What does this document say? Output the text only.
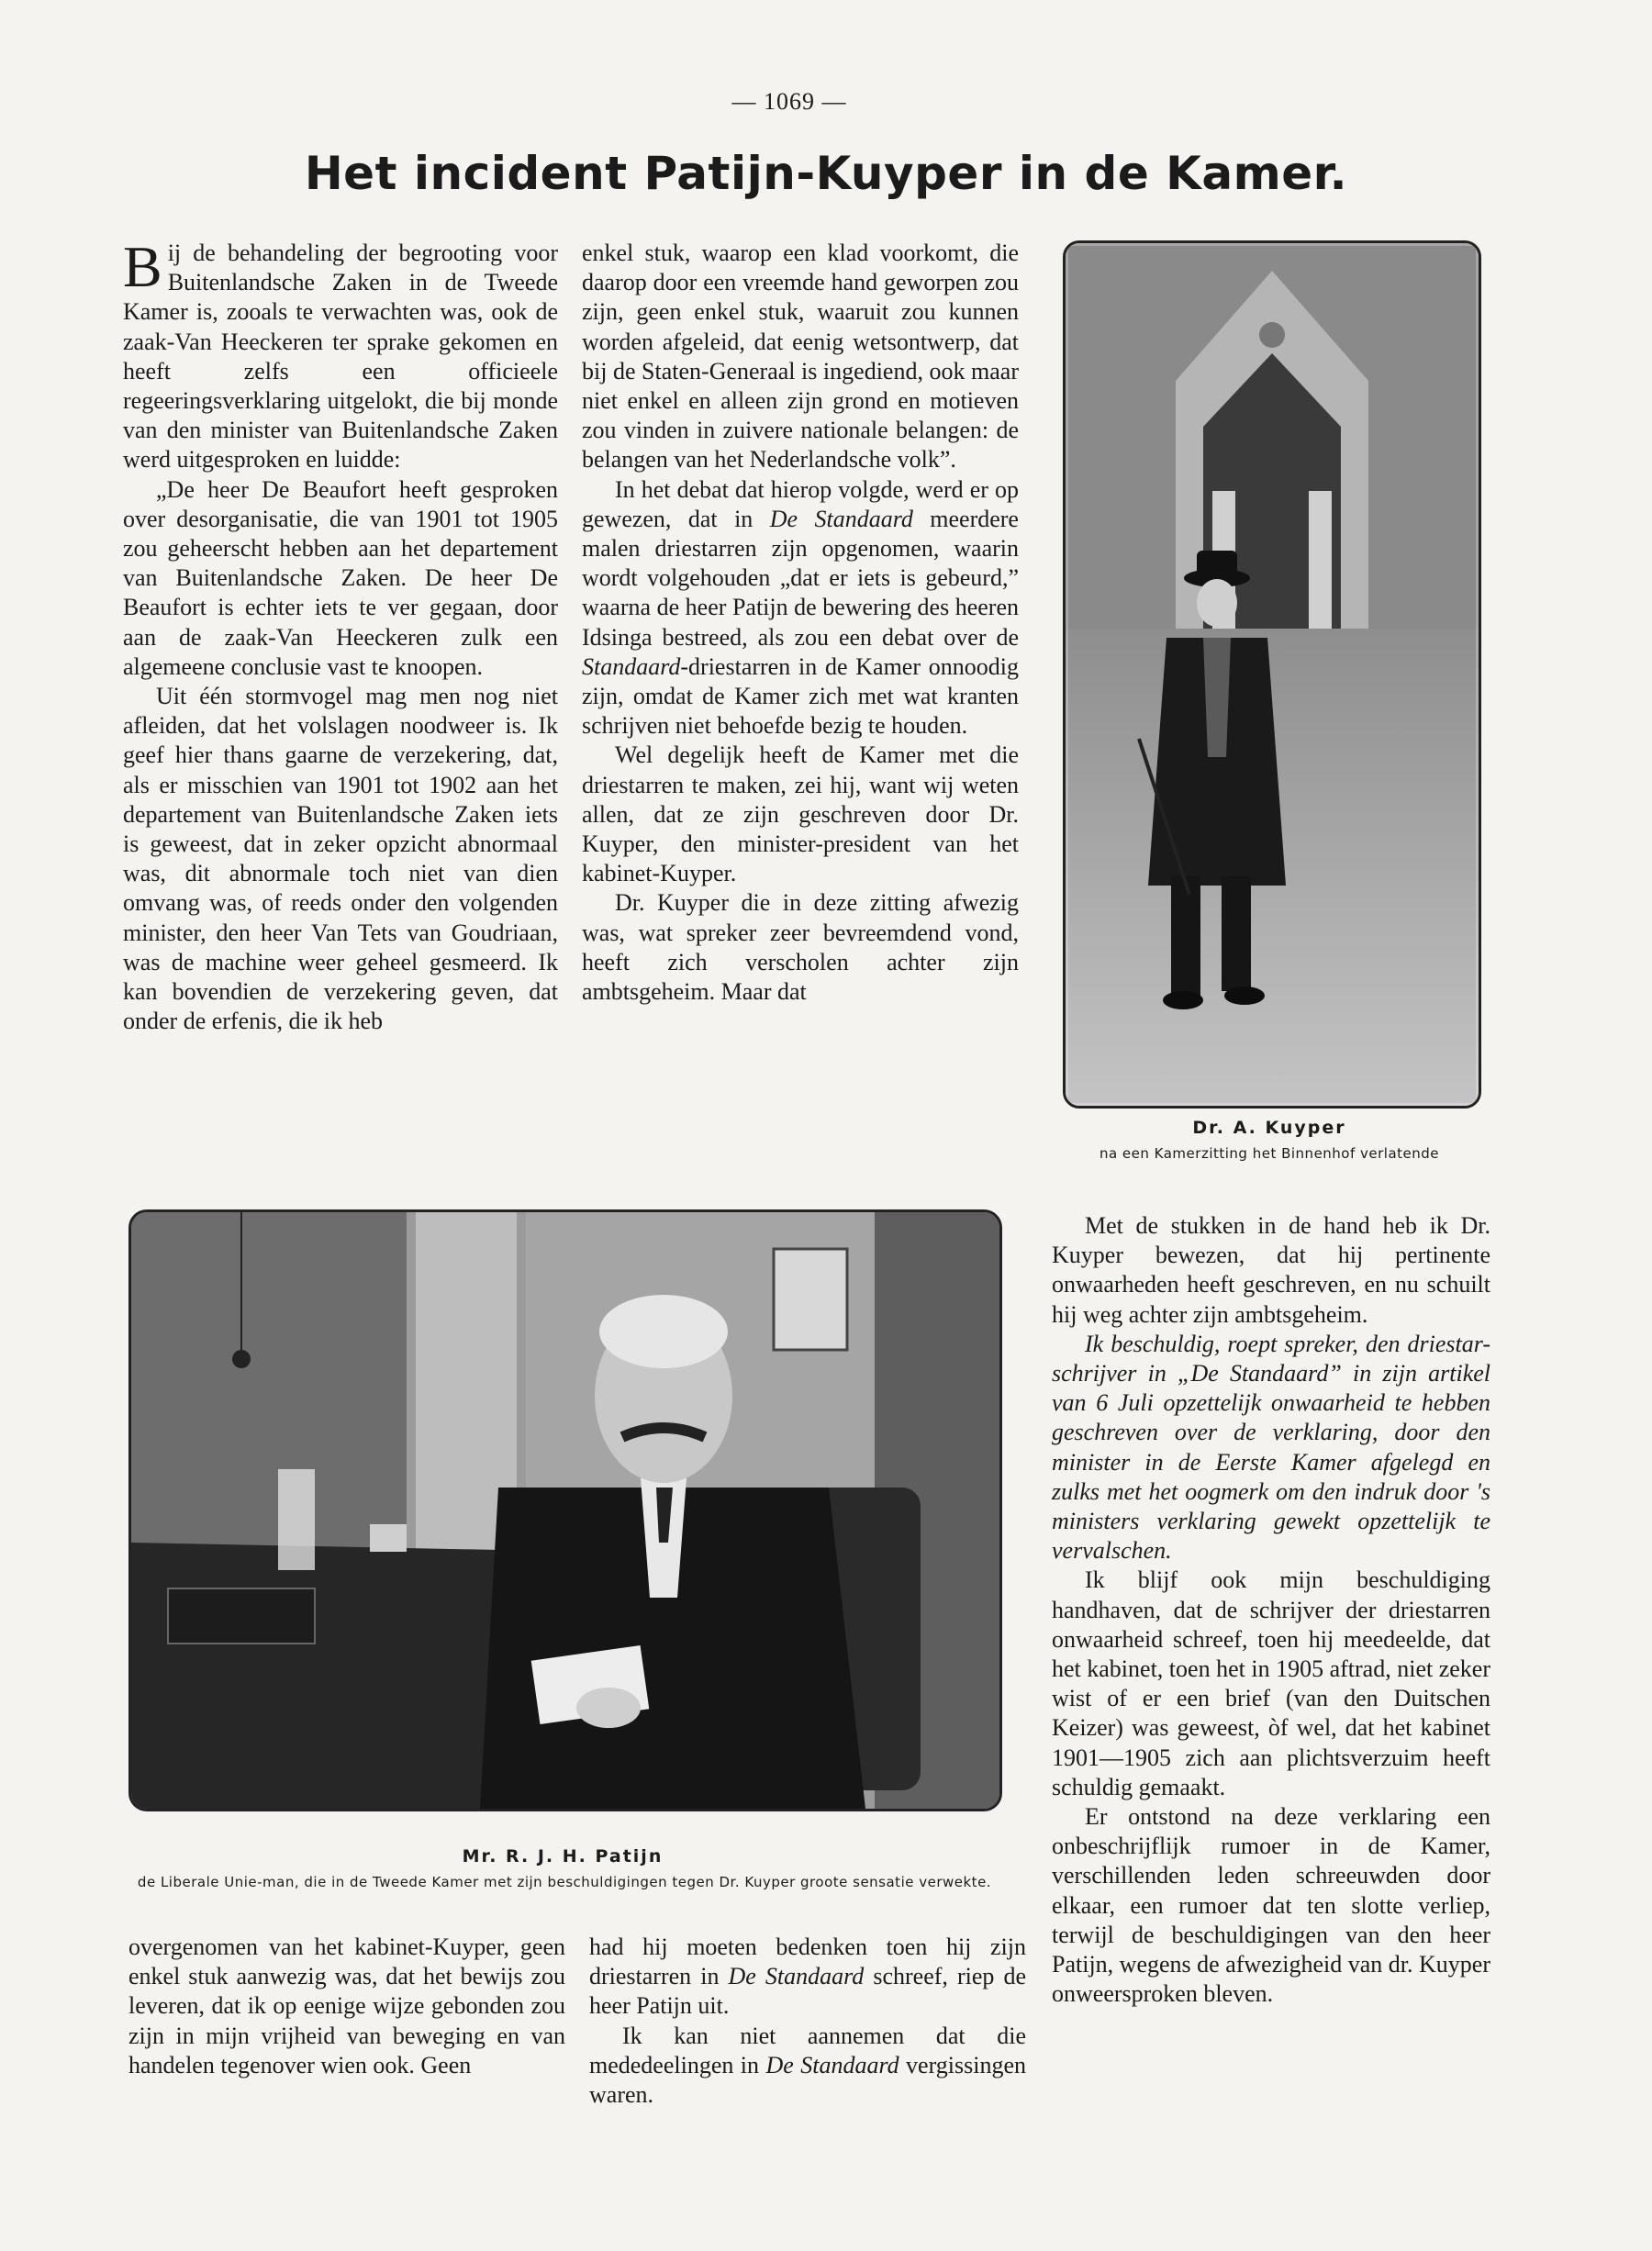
— 1069 —
Het incident Patijn-Kuyper in de Kamer.

Bij de behandeling der begrooting voor Buitenlandsche Zaken in de Tweede Kamer is, zooals te verwachten was, ook de zaak-Van Heeckeren ter sprake gekomen en heeft zelfs een officieele regeeringsverklaring uitgelokt, die bij monde van den minister van Buitenlandsche Zaken werd uitgesproken en luidde:

„De heer De Beaufort heeft gesproken over desorganisatie, die van 1901 tot 1905 zou geheerscht hebben aan het departement van Buitenlandsche Zaken. De heer De Beaufort is echter iets te ver gegaan, door aan de zaak-Van Heeckeren zulk een algemeene conclusie vast te knoopen.

Uit één stormvogel mag men nog niet afleiden, dat het volslagen noodweer is. Ik geef hier thans gaarne de verzekering, dat, als er misschien van 1901 tot 1902 aan het departement van Buitenlandsche Zaken iets is geweest, dat in zeker opzicht abnormaal was, dit abnormale toch niet van dien omvang was, of reeds onder den volgenden minister, den heer Van Tets van Goudriaan, was de machine weer geheel gesmeerd. Ik kan bovendien de verzekering geven, dat onder de erfenis, die ik heb

enkel stuk, waarop een klad voorkomt, die daarop door een vreemde hand geworpen zou zijn, geen enkel stuk, waaruit zou kunnen worden afgeleid, dat eenig wetsontwerp, dat bij de Staten-Generaal is ingediend, ook maar niet enkel en alleen zijn grond en motieven zou vinden in zuivere nationale belangen: de belangen van het Nederlandsche volk”.

In het debat dat hierop volgde, werd er op gewezen, dat in De Standaard meerdere malen driestarren zijn opgenomen, waarin wordt volgehouden „dat er iets is gebeurd,” waarna de heer Patijn de bewering des heeren Idsinga bestreed, als zou een debat over de Standaard-driestarren in de Kamer onnoodig zijn, omdat de Kamer zich met wat kranten schrijven niet behoefde bezig te houden.

Wel degelijk heeft de Kamer met die driestarren te maken, zei hij, want wij weten allen, dat ze zijn geschreven door Dr. Kuyper, den minister-president van het kabinet-Kuyper.

Dr. Kuyper die in deze zitting afwezig was, wat spreker zeer bevreemdend vond, heeft zich verscholen achter zijn ambtsgeheim. Maar dat

Dr. A. Kuyper
na een Kamerzitting het Binnenhof verlatende
Mr. R. J. H. Patijn
de Liberale Unie-man, die in de Tweede Kamer met zijn beschuldigingen tegen Dr. Kuyper groote sensatie verwekte.

Met de stukken in de hand heb ik Dr. Kuyper bewezen, dat hij pertinente onwaarheden heeft geschreven, en nu schuilt hij weg achter zijn ambtsgeheim.

Ik beschuldig, roept spreker, den driestar-schrijver in „De Standaard” in zijn artikel van 6 Juli opzettelijk onwaarheid te hebben geschreven over de verklaring, door den minister in de Eerste Kamer afgelegd en zulks met het oogmerk om den indruk door 's ministers verklaring gewekt opzettelijk te vervalschen.

Ik blijf ook mijn beschuldiging handhaven, dat de schrijver der driestarren onwaarheid schreef, toen hij meedeelde, dat het kabinet, toen het in 1905 aftrad, niet zeker wist of er een brief (van den Duitschen Keizer) was geweest, òf wel, dat het kabinet 1901—1905 zich aan plichtsverzuim heeft schuldig gemaakt.

Er ontstond na deze verklaring een onbeschrijflijk rumoer in de Kamer, verschillenden leden schreeuwden door elkaar, een rumoer dat ten slotte verliep, terwijl de beschuldigingen van den heer Patijn, wegens de afwezigheid van dr. Kuyper onweersproken bleven.

overgenomen van het kabinet-Kuyper, geen enkel stuk aanwezig was, dat het bewijs zou leveren, dat ik op eenige wijze gebonden zou zijn in mijn vrijheid van beweging en van handelen tegenover wien ook. Geen

had hij moeten bedenken toen hij zijn driestarren in De Standaard schreef, riep de heer Patijn uit.

Ik kan niet aannemen dat die mededeelingen in De Standaard vergissingen waren.
